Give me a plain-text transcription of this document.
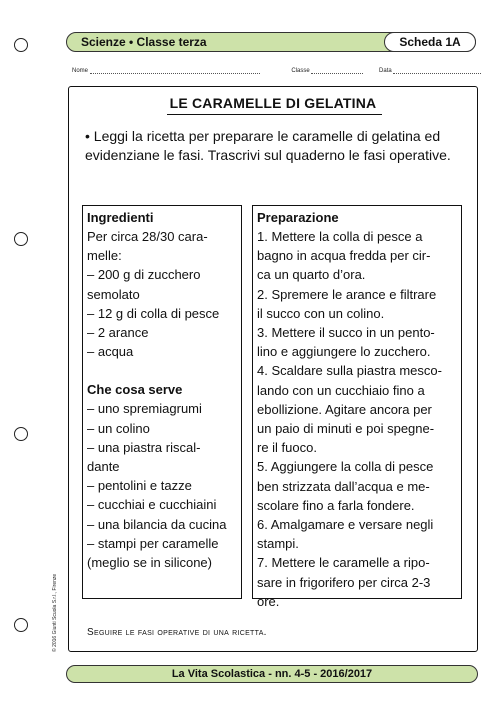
Scienze • Classe terza	Scheda 1A
Nome	Classe	Data
LE CARAMELLE DI GELATINA
• Leggi la ricetta per preparare le caramelle di gelatina ed evidenziane le fasi. Trascrivi sul quaderno le fasi operative.
Ingredienti

Per circa 28/30 cara-

melle:

– 200 g di zucchero

semolato

– 12 g di colla di pesce

– 2 arance

– acqua

Che cosa serve

– uno spremiagrumi

– un colino

– una piastra riscal-

dante

– pentolini e tazze

– cucchiai e cucchiaini

– una bilancia da cucina

– stampi per caramelle

(meglio se in silicone)

Preparazione

1. Mettere la colla di pesce a

bagno in acqua fredda per cir-

ca un quarto d’ora.

2. Spremere le arance e filtrare

il succo con un colino.

3. Mettere il succo in un pento-

lino e aggiungere lo zucchero.

4. Scaldare sulla piastra mesco-

lando con un cucchiaio fino a

ebollizione. Agitare ancora per

un paio di minuti e poi spegne-

re il fuoco.

5. Aggiungere la colla di pesce

ben strizzata dall’acqua e me-

scolare fino a farla fondere.

6. Amalgamare e versare negli

stampi.

7. Mettere le caramelle a ripo-

sare in frigorifero per circa 2-3

ore.

Seguire le fasi operative di una ricetta.
© 2016 Giunti Scuola S.r.l., Firenze
La Vita Scolastica - nn. 4-5 - 2016/2017
